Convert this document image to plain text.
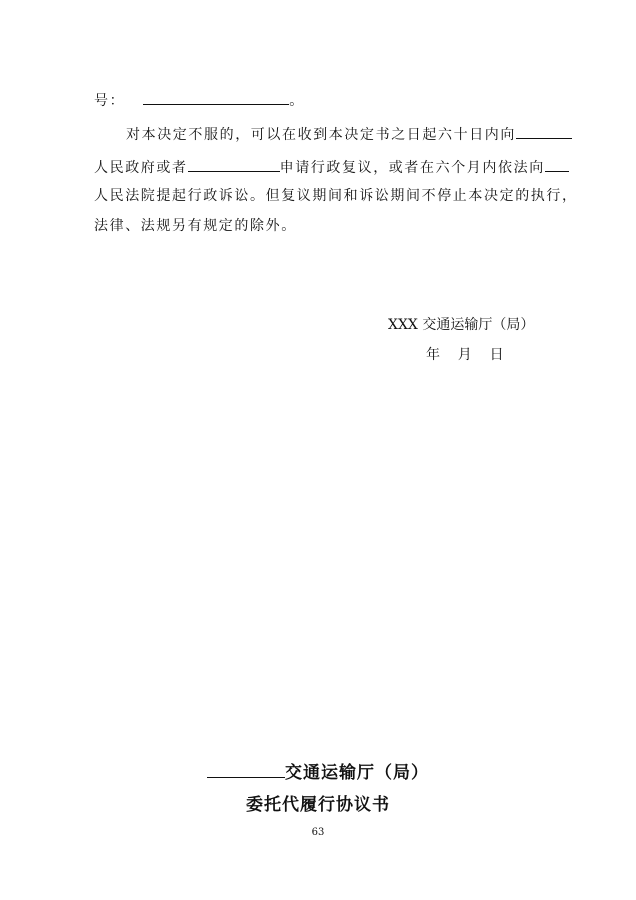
号：	。
对本决定不服的，可以在收到本决定书之日起六十日内向
人民政府或者	申请行政复议，或者在六个月内依法向
人民法院提起行政诉讼。但复议期间和诉讼期间不停止本决定的执行，
法律、法规另有规定的除外。
XXX 交通运输厅（局）
年    月    日
交通运输厅（局）
委托代履行协议书
63
